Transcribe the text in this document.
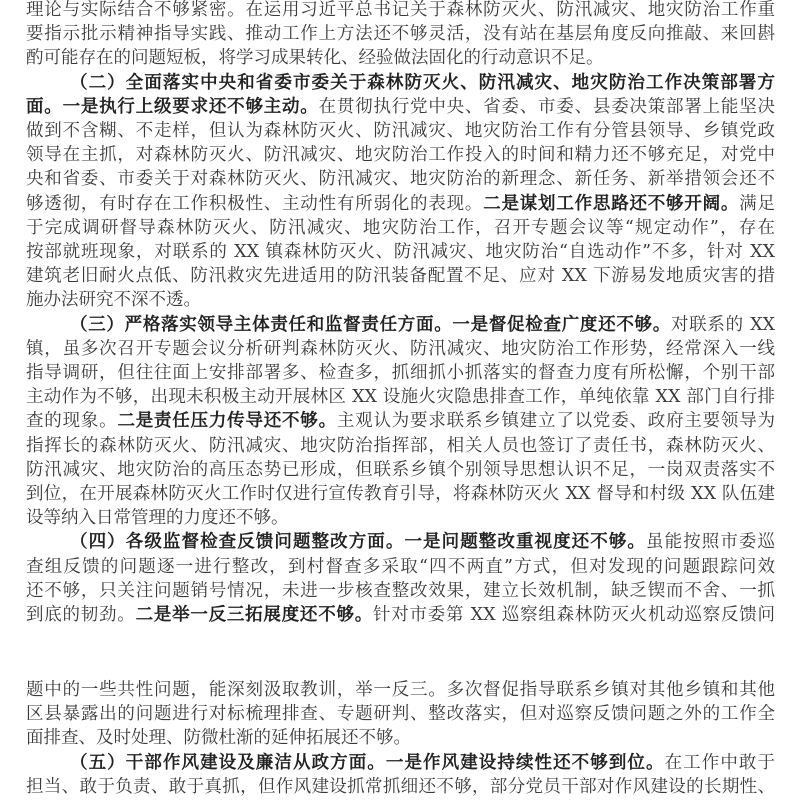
理论与实际结合不够紧密。在运用习近平总书记关于森林防灭火、防汛减灾、地灾防治工作重
要指示批示精神指导实践、推动工作上方法还不够灵活，没有站在基层角度反向推敲、来回斟
酌可能存在的问题短板，将学习成果转化、经验做法固化的行动意识不足。
（二）全面落实中央和省委市委关于森林防灭火、防汛减灾、地灾防治工作决策部署方
面。一是执行上级要求还不够主动。在贯彻执行党中央、省委、市委、县委决策部署上能坚决
做到不含糊、不走样，但认为森林防灭火、防汛减灾、地灾防治工作有分管县领导、乡镇党政
领导在主抓，对森林防灭火、防汛减灾、地灾防治工作投入的时间和精力还不够充足，对党中
央和省委、市委关于对森林防灭火、防汛减灾、地灾防治的新理念、新任务、新举措领会还不
够透彻，有时存在工作积极性、主动性有所弱化的表现。二是谋划工作思路还不够开阔。满足
于完成调研督导森林防灭火、防汛减灾、地灾防治工作，召开专题会议等“规定动作”，存在
按部就班现象，对联系的 XX 镇森林防灭火、防汛减灾、地灾防治“自选动作”不多，针对 XX
建筑老旧耐火点低、防汛救灾先进适用的防汛装备配置不足、应对 XX 下游易发地质灾害的措
施办法研究不深不透。
（三）严格落实领导主体责任和监督责任方面。一是督促检查广度还不够。对联系的 XX
镇，虽多次召开专题会议分析研判森林防灭火、防汛减灾、地灾防治工作形势，经常深入一线
指导调研，但往往面上安排部署多、检查多，抓细抓小抓落实的督查力度有所松懈，个别干部
主动作为不够，出现未积极主动开展林区 XX 设施火灾隐患排查工作，单纯依靠 XX 部门自行排
查的现象。二是责任压力传导还不够。主观认为要求联系乡镇建立了以党委、政府主要领导为
指挥长的森林防灭火、防汛减灾、地灾防治指挥部，相关人员也签订了责任书，森林防灭火、
防汛减灾、地灾防治的高压态势已形成，但联系乡镇个别领导思想认识不足，一岗双责落实不
到位，在开展森林防灭火工作时仅进行宣传教育引导，将森林防灭火 XX 督导和村级 XX 队伍建
设等纳入日常管理的力度还不够。
（四）各级监督检查反馈问题整改方面。一是问题整改重视度还不够。虽能按照市委巡
查组反馈的问题逐一进行整改，到村督查多采取“四不两直”方式，但对发现的问题跟踪问效
还不够，只关注问题销号情况，未进一步核查整改效果，建立长效机制，缺乏锲而不舍、一抓
到底的韧劲。二是举一反三拓展度还不够。针对市委第 XX 巡察组森林防灭火机动巡察反馈问
题中的一些共性问题，能深刻汲取教训，举一反三。多次督促指导联系乡镇对其他乡镇和其他
区县暴露出的问题进行对标梳理排查、专题研判、整改落实，但对巡察反馈问题之外的工作全
面排查、及时处理、防微杜渐的延伸拓展还不够。
（五）干部作风建设及廉洁从政方面。一是作风建设持续性还不够到位。在工作中敢于
担当、敢于负责、敢于真抓，但作风建设抓常抓细还不够，部分党员干部对作风建设的长期性、
